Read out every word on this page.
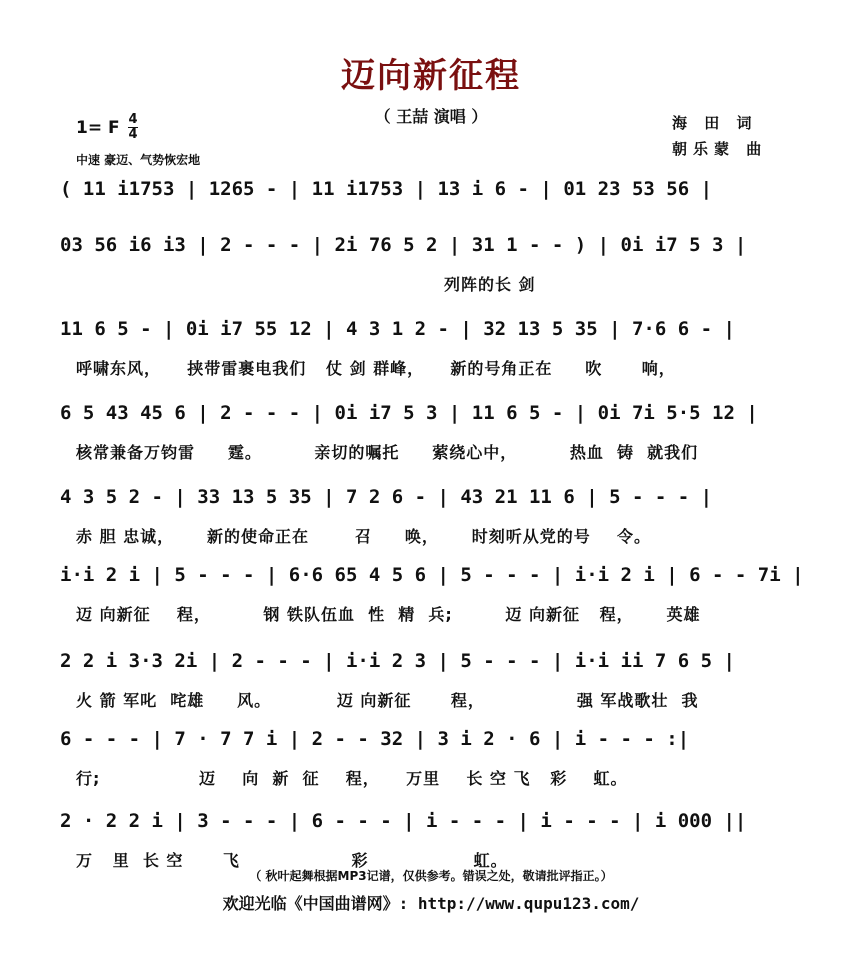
迈向新征程
（ 王喆 演唱 ）	海 田 词
朝乐蒙 曲
1= F 4
4
中速 豪迈、气势恢宏地
( 11 i1753 | 1265 - | 11 i1753 | 13 i 6 - | 01 23 53 56 |
03 56 i6 i3 | 2 - - - | 2i 76 5 2 | 31 1 - - ) | 0i i7 5 3 |
列阵的长 剑
11 6 5 - | 0i i7 55 12 | 4 3 1 2 - | 32 13 5 35 | 7·6 6 - |
呼啸东风，    挟带雷裹电我们   仗 剑 群峰，    新的号角正在     吹      响，
6 5 43 45 6 | 2 - - - | 0i i7 5 3 | 11 6 5 - | 0i 7i 5·5 12 |
核常兼备万钧雷     霆。        亲切的嘱托     萦绕心中，        热血  铸  就我们
4 3 5 2 - | 33 13 5 35 | 7 2 6 - | 43 21 11 6 | 5 - - - |
赤 胆 忠诚，     新的使命正在       召     唤，     时刻听从党的号    令。
i·i 2 i | 5 - - - | 6·6 65 4 5 6 | 5 - - - | i·i 2 i | 6 - - 7i |
迈 向新征    程，        钢 铁队伍血  性  精  兵;        迈 向新征   程，     英雄
2 2 i 3·3 2i | 2 - - - | i·i 2 3 | 5 - - - | i·i ii 7 6 5 |
火 箭 军叱  咤雄     风。          迈 向新征      程，              强 军战歌壮  我
6 - - - | 7 · 7 7 i | 2 - - 32 | 3 i 2 · 6 | i - - - :|
行;               迈    向  新  征    程，    万里    长 空 飞   彩    虹。
2 · 2 2 i | 3 - - - | 6 - - - | i - - - | i - - - | i 000 ||
万   里  长 空      飞                 彩                虹。
（ 秋叶起舞根据MP3记谱，仅供参考。错误之处，敬请批评指正。）
欢迎光临《中国曲谱网》: http://www.qupu123.com/
